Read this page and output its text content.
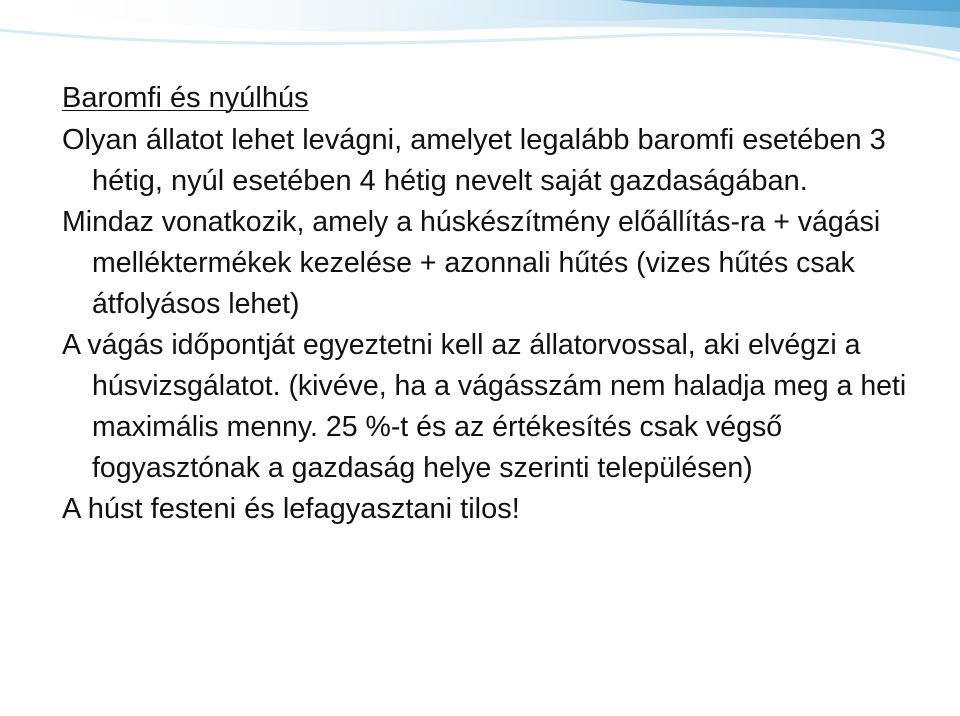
Baromfi és nyúlhús

Olyan állatot lehet levágni, amelyet legalább baromfi esetében 3 hétig, nyúl esetében 4 hétig nevelt saját gazdaságában.

Mindaz vonatkozik, amely a húskészítmény előállítás-ra + vágási melléktermékek kezelése + azonnali hűtés (vizes hűtés csak átfolyásos lehet)

A vágás időpontját egyeztetni kell az állatorvossal, aki elvégzi a húsvizsgálatot. (kivéve, ha a vágásszám nem haladja meg a heti maximális menny. 25 %-t és az értékesítés csak végső fogyasztónak a gazdaság helye szerinti településen)

A húst festeni és lefagyasztani tilos!
